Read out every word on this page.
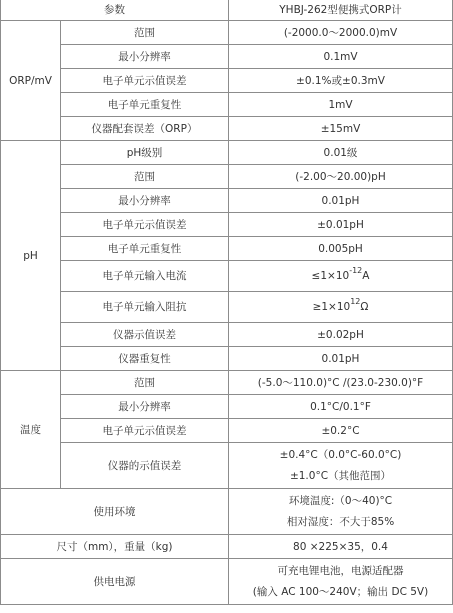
参数		YHBJ-262型便携式ORP计
ORP/mV	范围	(-2000.0～2000.0)mV
	最小分辨率	0.1mV
	电子单元示值误差	±0.1%或±0.3mV
	电子单元重复性	1mV
	仪器配套误差（ORP）	±15mV
pH	pH级别	0.01级
	范围	(-2.00～20.00)pH
	最小分辨率	0.01pH
	电子单元示值误差	±0.01pH
	电子单元重复性	0.005pH
	电子单元输入电流	$\le 1\times 10^{-12}A$
	电子单元输入阻抗	$\ge 1\times 10^{12}\Omega$
	仪器示值误差	±0.02pH
	仪器重复性	0.01pH
温度	范围	(-5.0～110.0)°C /(23.0-230.0)°F
	最小分辨率	0.1°C/0.1°F
	电子单元示值误差	±0.2°C
	仪器的示值误差	±0.4°C（0.0°C-60.0°C)
±1.0°C（其他范围）

使用环境		环境温度:（0～40)°C
相对湿度：不大于85%

尺寸（mm），重量（kg)		80 ×225×35，0.4
供电电源		可充电锂电池，电源适配器
(输入 AC 100～240V；输出 DC 5V)
